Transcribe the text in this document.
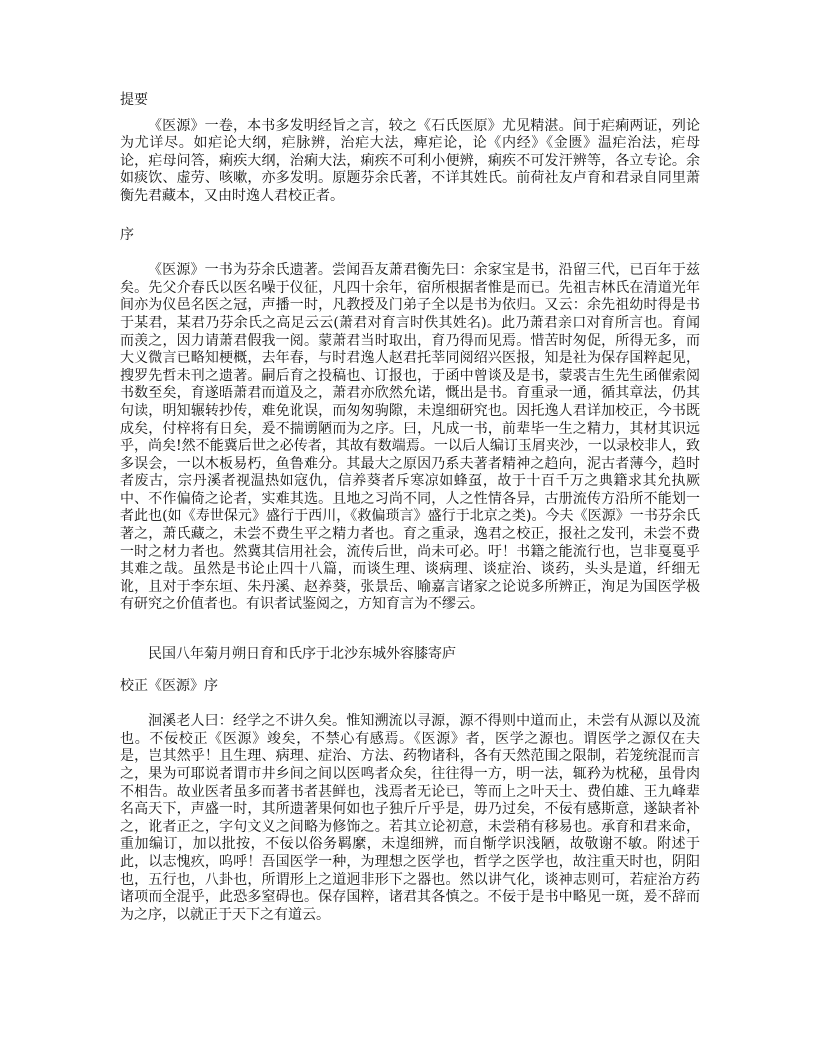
提要

《医源》一卷，本书多发明经旨之言，较之《石氏医原》尤见精湛。间于疟痢两证，列论为尤详尽。如疟论大纲，疟脉辨，治疟大法，痺疟论，论《内经》《金匮》温疟治法，疟母论，疟母问答，痢疾大纲，治痢大法，痢疾不可利小便辨，痢疾不可发汗辨等，各立专论。余如痰饮、虚劳、咳嗽，亦多发明。原题芬余氏著，不详其姓氏。前荷社友卢育和君录自同里萧衡先君藏本，又由时逸人君校正者。

序

《医源》一书为芬余氏遗著。尝闻吾友萧君衡先曰：余家宝是书，沿留三代，已百年于兹矣。先父介春氏以医名噪于仪征，凡四十余年，宿所根据者惟是而已。先祖吉林氏在清道光年间亦为仪邑名医之冠，声播一时，凡教授及门弟子全以是书为依归。又云：余先祖幼时得是书于某君，某君乃芬余氏之高足云云(萧君对育言时佚其姓名)。此乃萧君亲口对育所言也。育闻而羡之，因力请萧君假我一阅。蒙萧君当时取出，育乃得而见焉。惜苦时匆促，所得无多，而大义微言已略知梗概，去年春，与时君逸人赵君托莘同阅绍兴医报，知是社为保存国粹起见，搜罗先哲未刊之遗著。嗣后育之投稿也、订报也，于函中曾谈及是书，蒙裘吉生先生函催索阅书数至矣，育遂晤萧君而道及之，萧君亦欣然允诺，慨出是书。育重录一通，循其章法，仍其句读，明知辗转抄传，难免讹误，而匆匆驹隙，未遑细研究也。因托逸人君详加校正，今书既成矣，付梓将有日矣，爰不揣谫陋而为之序。曰，凡成一书，前辈毕一生之精力，其材其识远乎，尚矣!然不能冀后世之必传者，其故有数端焉。一以后人编订玉屑夹沙，一以录校非人，致多误会，一以木板易朽，鱼鲁难分。其最大之原因乃系夫著者精神之趋向，泥古者薄今，趋时者废古，宗丹溪者视温热如寇仇，信养葵者斥寒凉如蜂虿，故于十百千万之典籍求其允执厥中、不作偏倚之论者，实难其选。且地之习尚不同，人之性情各异，古册流传方沿所不能划一者此也(如《寿世保元》盛行于西川，《救偏琐言》盛行于北京之类)。今夫《医源》一书芬余氏著之，萧氏藏之，未尝不费生平之精力者也。育之重录，逸君之校正，报社之发刊，未尝不费一时之材力者也。然冀其信用社会，流传后世，尚未可必。吁！书籍之能流行也，岂非戛戛乎其难之哉。虽然是书论止四十八篇，而谈生理、谈病理、谈症治、谈药，头头是道，纤细无讹，且对于李东垣、朱丹溪、赵养葵，张景岳、喻嘉言诸家之论说多所辨正，洵足为国医学极有研究之价值者也。有识者试鉴阅之，方知育言为不缪云。

民国八年菊月朔日育和氏序于北沙东城外容膝寄庐

校正《医源》序

洄溪老人曰：经学之不讲久矣。惟知溯流以寻源，源不得则中道而止，未尝有从源以及流也。不佞校正《医源》竣矣，不禁心有感焉。《医源》者，医学之源也。谓医学之源仅在夫是，岂其然乎！且生理、病理、症治、方法、药物诸科，各有天然范围之限制，若笼统混而言之，果为可耶说者谓市井乡间之间以医鸣者众矣，往往得一方，明一法，辄矜为枕秘，虽骨肉不相告。故业医者虽多而著书者甚鲜也，浅焉者无论已，等而上之叶天士、费伯雄、王九峰辈名高天下，声盛一时，其所遗著果何如也子独斤斤乎是，毋乃过矣，不佞有感斯意，遂缺者补之，讹者正之，字句文义之间略为修饰之。若其立论初意，未尝稍有移易也。承育和君来命，重加编订，加以批按，不佞以俗务羁縻，未遑细辨，而自惭学识浅陋，故敬谢不敏。附述于此，以志愧疚，呜呼！吾国医学一种，为理想之医学也，哲学之医学也，故注重天时也，阴阳也，五行也，八卦也，所谓形上之道迥非形下之器也。然以讲气化，谈神志则可，若症治方药诸项而全混乎，此恐多窒碍也。保存国粹，诸君其各慎之。不佞于是书中略见一斑，爰不辞而为之序，以就正于天下之有道云。
